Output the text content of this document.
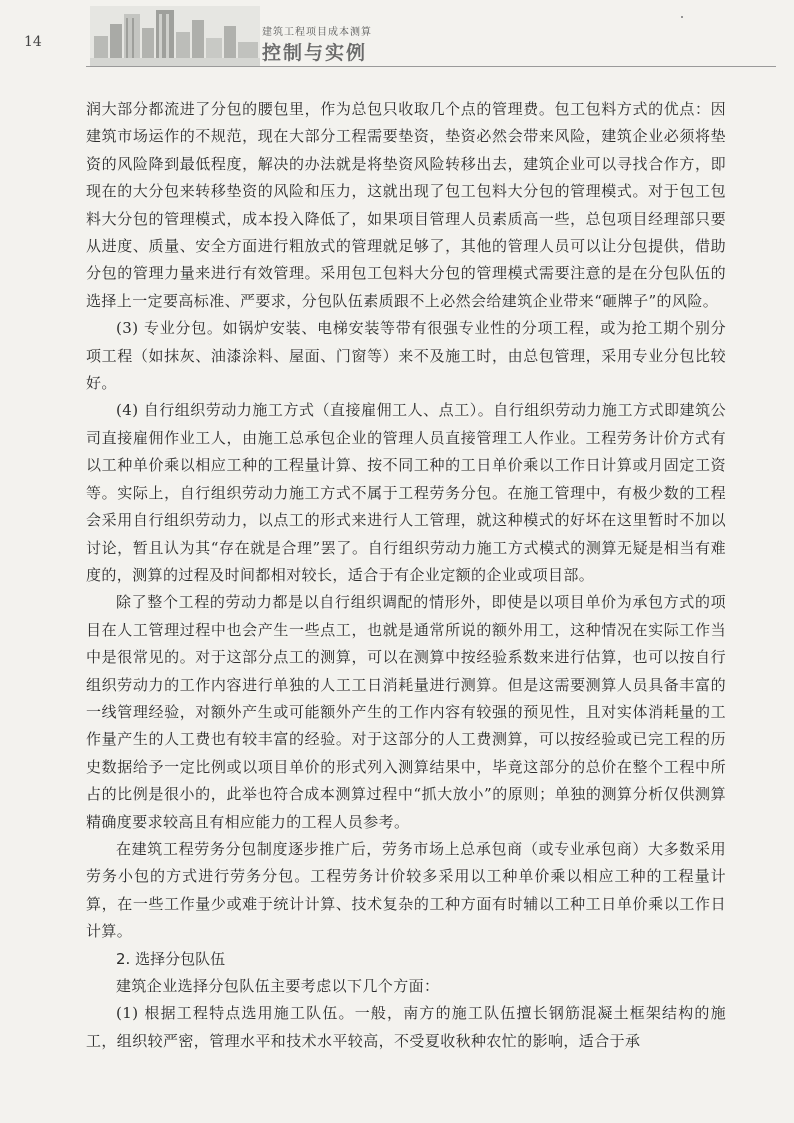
14
建筑工程项目成本测算
控制与实例

润大部分都流进了分包的腰包里，作为总包只收取几个点的管理费。包工包料方式的优点：因建筑市场运作的不规范，现在大部分工程需要垫资，垫资必然会带来风险，建筑企业必须将垫资的风险降到最低程度，解决的办法就是将垫资风险转移出去，建筑企业可以寻找合作方，即现在的大分包来转移垫资的风险和压力，这就出现了包工包料大分包的管理模式。对于包工包料大分包的管理模式，成本投入降低了，如果项目管理人员素质高一些，总包项目经理部只要从进度、质量、安全方面进行粗放式的管理就足够了，其他的管理人员可以让分包提供，借助分包的管理力量来进行有效管理。采用包工包料大分包的管理模式需要注意的是在分包队伍的选择上一定要高标准、严要求，分包队伍素质跟不上必然会给建筑企业带来“砸牌子”的风险。

(3) 专业分包。如锅炉安装、电梯安装等带有很强专业性的分项工程，或为抢工期个别分项工程（如抹灰、油漆涂料、屋面、门窗等）来不及施工时，由总包管理，采用专业分包比较好。

(4) 自行组织劳动力施工方式（直接雇佣工人、点工）。自行组织劳动力施工方式即建筑公司直接雇佣作业工人，由施工总承包企业的管理人员直接管理工人作业。工程劳务计价方式有以工种单价乘以相应工种的工程量计算、按不同工种的工日单价乘以工作日计算或月固定工资等。实际上，自行组织劳动力施工方式不属于工程劳务分包。在施工管理中，有极少数的工程会采用自行组织劳动力，以点工的形式来进行人工管理，就这种模式的好坏在这里暂时不加以讨论，暂且认为其“存在就是合理”罢了。自行组织劳动力施工方式模式的测算无疑是相当有难度的，测算的过程及时间都相对较长，适合于有企业定额的企业或项目部。

除了整个工程的劳动力都是以自行组织调配的情形外，即使是以项目单价为承包方式的项目在人工管理过程中也会产生一些点工，也就是通常所说的额外用工，这种情况在实际工作当中是很常见的。对于这部分点工的测算，可以在测算中按经验系数来进行估算，也可以按自行组织劳动力的工作内容进行单独的人工工日消耗量进行测算。但是这需要测算人员具备丰富的一线管理经验，对额外产生或可能额外产生的工作内容有较强的预见性，且对实体消耗量的工作量产生的人工费也有较丰富的经验。对于这部分的人工费测算，可以按经验或已完工程的历史数据给予一定比例或以项目单价的形式列入测算结果中，毕竟这部分的总价在整个工程中所占的比例是很小的，此举也符合成本测算过程中“抓大放小”的原则；单独的测算分析仅供测算精确度要求较高且有相应能力的工程人员参考。

在建筑工程劳务分包制度逐步推广后，劳务市场上总承包商（或专业承包商）大多数采用劳务小包的方式进行劳务分包。工程劳务计价较多采用以工种单价乘以相应工种的工程量计算，在一些工作量少或难于统计计算、技术复杂的工种方面有时辅以工种工日单价乘以工作日计算。

2. 选择分包队伍

建筑企业选择分包队伍主要考虑以下几个方面：

(1) 根据工程特点选用施工队伍。一般，南方的施工队伍擅长钢筋混凝土框架结构的施工，组织较严密，管理水平和技术水平较高，不受夏收秋种农忙的影响，适合于承
